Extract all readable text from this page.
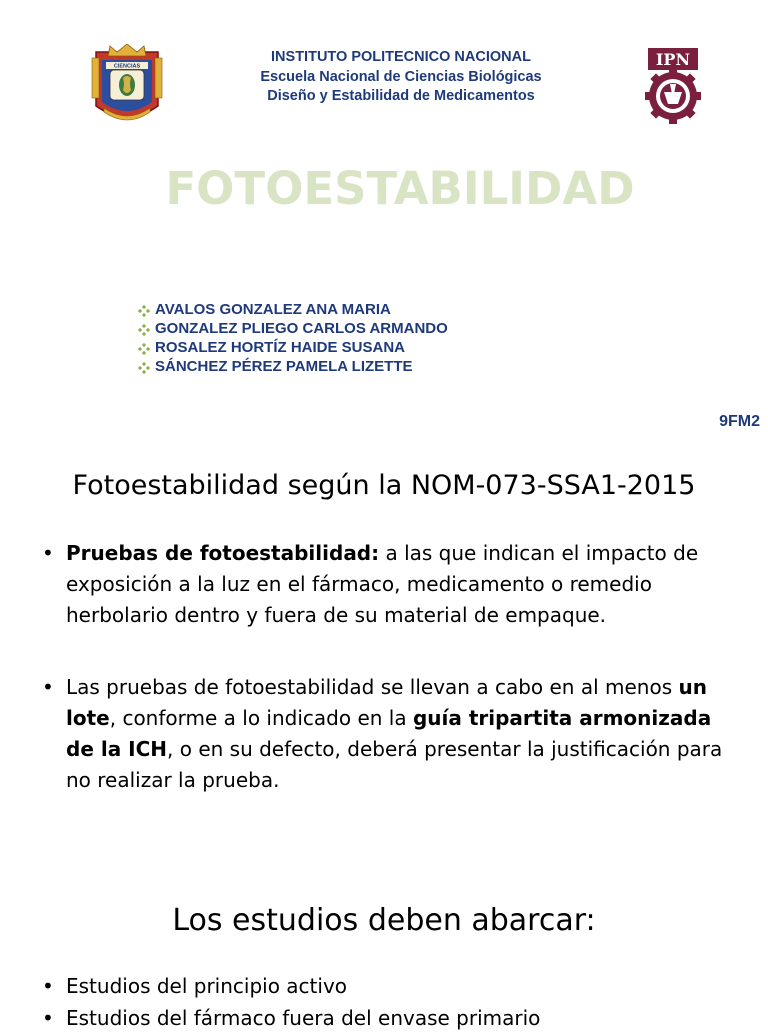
CIENCIAS
INSTITUTO POLITECNICO NACIONAL
Escuela Nacional de Ciencias Biológicas
Diseño y Estabilidad de Medicamentos
IPN
FOTOESTABILIDAD
AVALOS GONZALEZ ANA MARIA
GONZALEZ PLIEGO CARLOS ARMANDO
ROSALEZ HORTÍZ HAIDE SUSANA
SÁNCHEZ PÉREZ PAMELA LIZETTE
9FM2
Fotoestabilidad según la NOM-073-SSA1-2015
• Pruebas de fotoestabilidad: a las que indican el impacto de exposición a la luz en el fármaco, medicamento o remedio herbolario dentro y fuera de su material de empaque.
• Las pruebas de fotoestabilidad se llevan a cabo en al menos un lote, conforme a lo indicado en la guía tripartita armonizada de la ICH, o en su defecto, deberá presentar la justificación para no realizar la prueba.
Los estudios deben abarcar:
• Estudios del principio activo
• Estudios del fármaco fuera del envase primario
